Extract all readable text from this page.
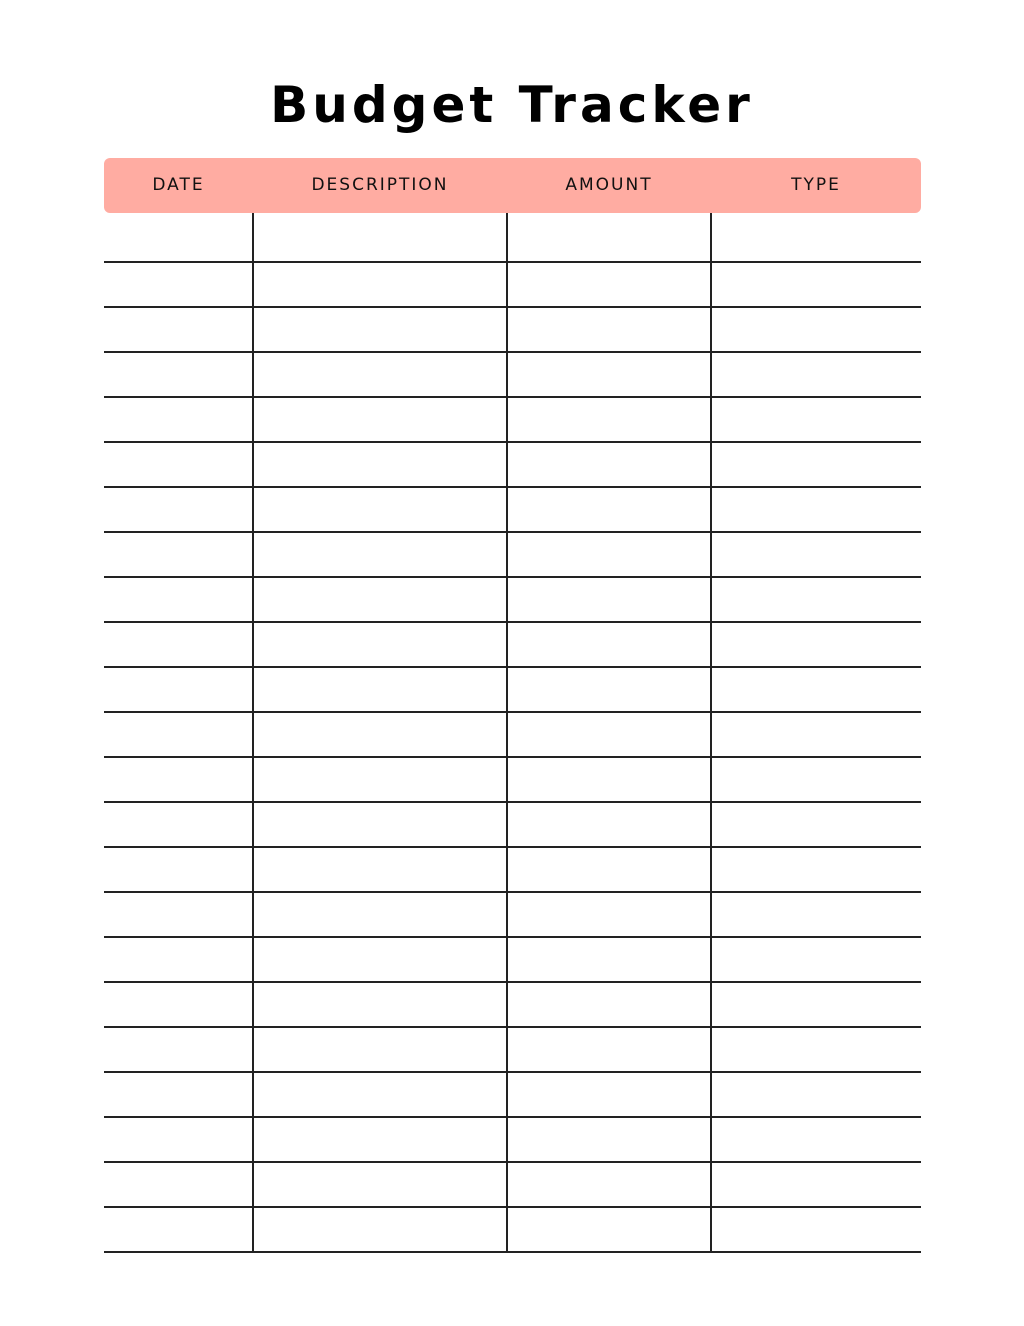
Budget Tracker
DATE	DESCRIPTION	AMOUNT	TYPE
